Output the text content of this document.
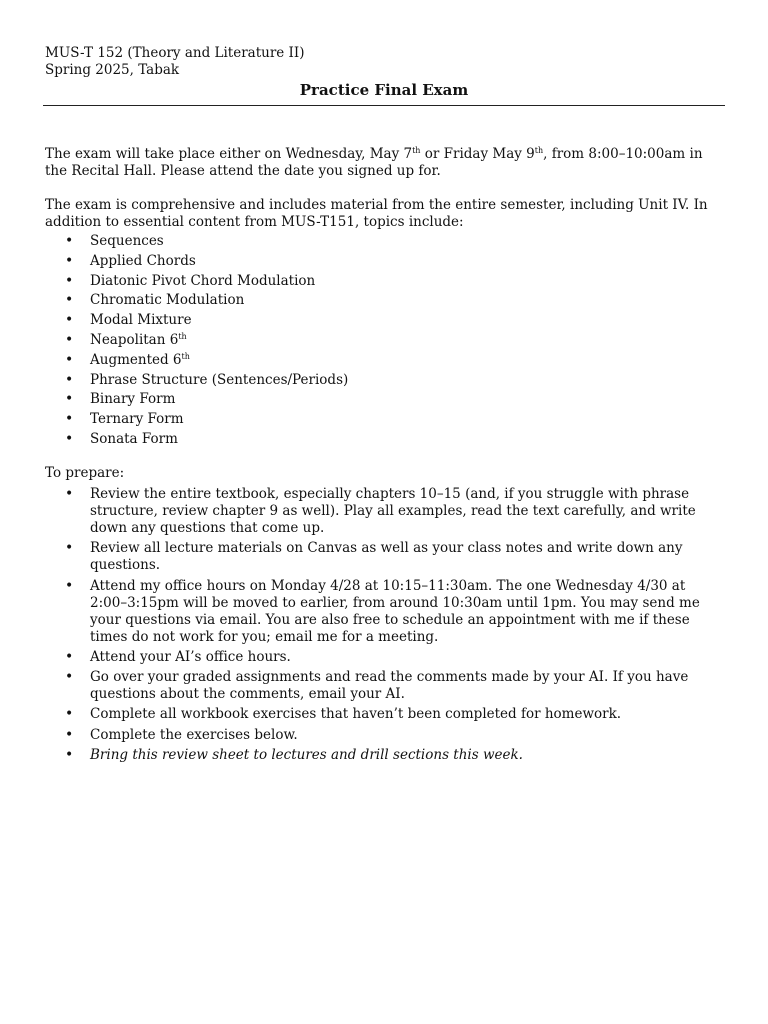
MUS-T 152 (Theory and Literature II)
Spring 2025, Tabak
Practice Final Exam
The exam will take place either on Wednesday, May 7th or Friday May 9th, from 8:00–10:00am in the Recital Hall. Please attend the date you signed up for.
The exam is comprehensive and includes material from the entire semester, including Unit IV. In addition to essential content from MUS-T151, topics include:
• Sequences
• Applied Chords
• Diatonic Pivot Chord Modulation
• Chromatic Modulation
• Modal Mixture
• Neapolitan 6th
• Augmented 6th
• Phrase Structure (Sentences/Periods)
• Binary Form
• Ternary Form
• Sonata Form
To prepare:
• Review the entire textbook, especially chapters 10–15 (and, if you struggle with phrase structure, review chapter 9 as well). Play all examples, read the text carefully, and write down any questions that come up.
• Review all lecture materials on Canvas as well as your class notes and write down any questions.
• Attend my office hours on Monday 4/28 at 10:15–11:30am. The one Wednesday 4/30 at 2:00–3:15pm will be moved to earlier, from around 10:30am until 1pm. You may send me your questions via email. You are also free to schedule an appointment with me if these times do not work for you; email me for a meeting.
• Attend your AI’s office hours.
• Go over your graded assignments and read the comments made by your AI. If you have questions about the comments, email your AI.
• Complete all workbook exercises that haven’t been completed for homework.
• Complete the exercises below.
• Bring this review sheet to lectures and drill sections this week.
